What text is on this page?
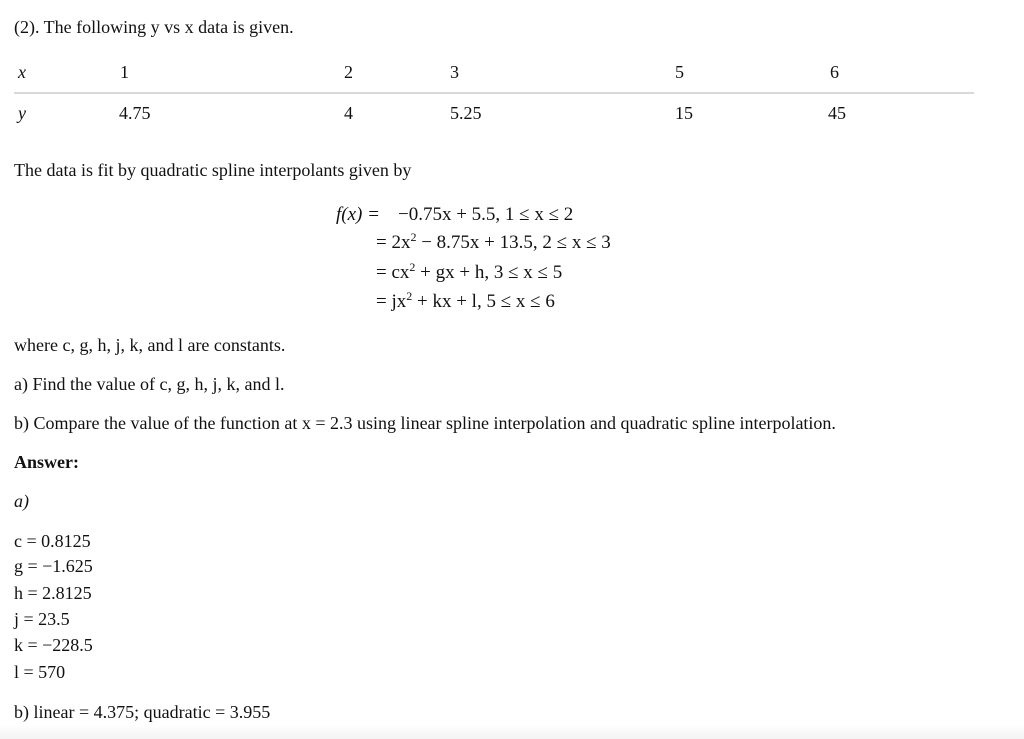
(2). The following y vs x data is given.
x	1	2	3	5	6
y	4.75	4	5.25	15	45
The data is fit by quadratic spline interpolants given by
f(x) = −0.75x + 5.5, 1 ≤ x ≤ 2
= $2x^2 - 8.75x + 13.5$, 2 ≤ x ≤ 3
= $cx^2$ + gx + h, 3 ≤ x ≤ 5
= $jx^2$ + kx + l, 5 ≤ x ≤ 6
where c, g, h, j, k, and l are constants.
a) Find the value of c, g, h, j, k, and l.
b) Compare the value of the function at x = 2.3 using linear spline interpolation and quadratic spline interpolation.
Answer:
a)
c = 0.8125
g = −1.625
h = 2.8125
j = 23.5
k = −228.5
l = 570
b) linear = 4.375; quadratic = 3.955
